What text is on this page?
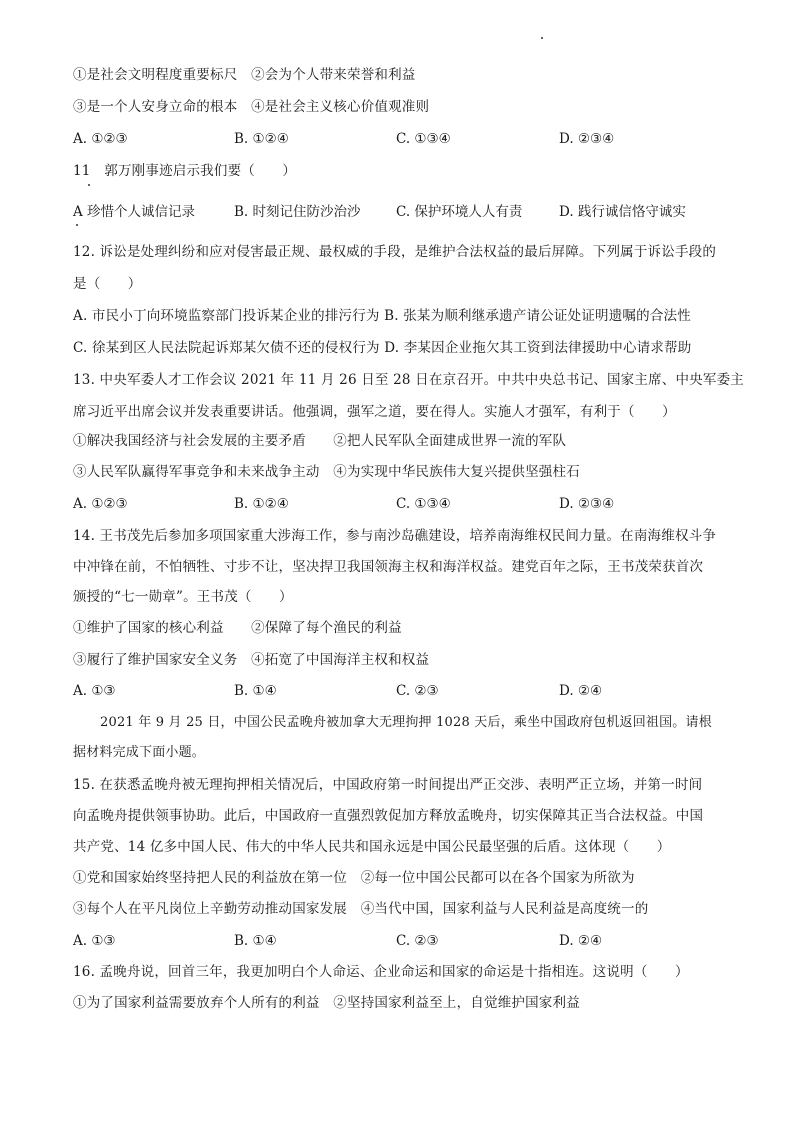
①是社会文明程度重要标尺　②会为个人带来荣誉和利益
③是一个人安身立命的根本　④是社会主义核心价值观准则
A. ①②③	B. ①②④	C. ①③④	D. ②③④
11　郭万刚事迹启示我们要（　　）
A 珍惜个人诚信记录	B. 时刻记住防沙治沙	C. 保护环境人人有责	D. 践行诚信恪守诚实
12. 诉讼是处理纠纷和应对侵害最正规、最权威的手段，是维护合法权益的最后屏障。下列属于诉讼手段的
是（　　）
A. 市民小丁向环境监察部门投诉某企业的排污行为 B. 张某为顺利继承遗产请公证处证明遗嘱的合法性
C. 徐某到区人民法院起诉郑某欠债不还的侵权行为 D. 李某因企业拖欠其工资到法律援助中心请求帮助
13. 中央军委人才工作会议 2021 年 11 月 26 日至 28 日在京召开。中共中央总书记、国家主席、中央军委主
席习近平出席会议并发表重要讲话。他强调，强军之道，要在得人。实施人才强军，有利于（　　）
①解决我国经济与社会发展的主要矛盾　　②把人民军队全面建成世界一流的军队
③人民军队赢得军事竞争和未来战争主动　④为实现中华民族伟大复兴提供坚强柱石
A. ①②③	B. ①②④	C. ①③④	D. ②③④
14. 王书茂先后参加多项国家重大涉海工作，参与南沙岛礁建设，培养南海维权民间力量。在南海维权斗争
中冲锋在前，不怕牺牲、寸步不让，坚决捍卫我国领海主权和海洋权益。建党百年之际，王书茂荣获首次
颁授的“七一勋章”。王书茂（　　）
①维护了国家的核心利益　　②保障了每个渔民的利益
③履行了维护国家安全义务　④拓宽了中国海洋主权和权益
A. ①③	B. ①④	C. ②③	D. ②④
2021 年 9 月 25 日，中国公民孟晚舟被加拿大无理拘押 1028 天后，乘坐中国政府包机返回祖国。请根
据材料完成下面小题。
15. 在获悉孟晚舟被无理拘押相关情况后，中国政府第一时间提出严正交涉、表明严正立场，并第一时间
向孟晚舟提供领事协助。此后，中国政府一直强烈敦促加方释放孟晚舟，切实保障其正当合法权益。中国
共产党、14 亿多中国人民、伟大的中华人民共和国永远是中国公民最坚强的后盾。这体现（　　）
①党和国家始终坚持把人民的利益放在第一位　②每一位中国公民都可以在各个国家为所欲为
③每个人在平凡岗位上辛勤劳动推动国家发展　④当代中国，国家利益与人民利益是高度统一的
A. ①③	B. ①④	C. ②③	D. ②④
16. 孟晚舟说，回首三年，我更加明白个人命运、企业命运和国家的命运是十指相连。这说明（　　）
①为了国家利益需要放弃个人所有的利益　②坚持国家利益至上，自觉维护国家利益
